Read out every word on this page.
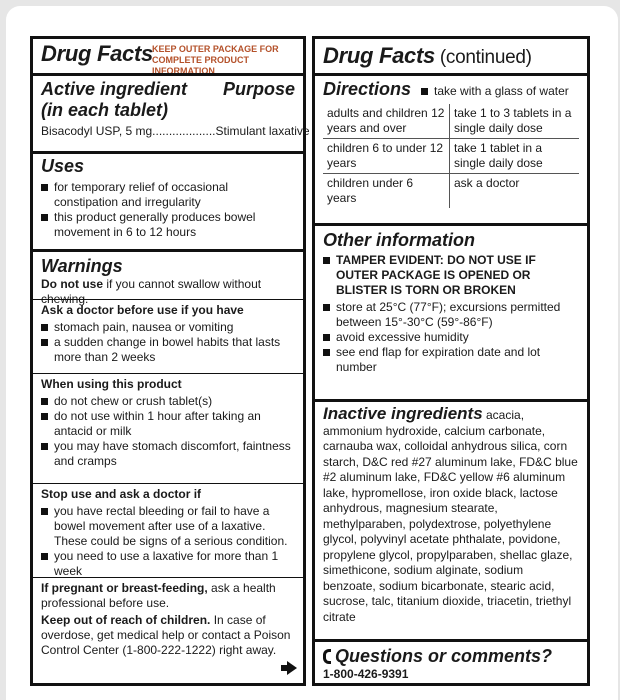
Drug Facts KEEP OUTER PACKAGE FOR COMPLETE PRODUCT INFORMATION
Active ingredient
(in each tablet)
Purpose
Bisacodyl USP, 5 mg ................... Stimulant laxative
Uses

for temporary relief of occasional constipation and irregularity

this product generally produces bowel movement in 6 to 12 hours

Warnings
Do not use if you cannot swallow without chewing.
Ask a doctor before use if you have

stomach pain, nausea or vomiting

a sudden change in bowel habits that lasts more than 2 weeks

When using this product

do not chew or crush tablet(s)

do not use within 1 hour after taking an antacid or milk

you may have stomach discomfort, faintness and cramps

Stop use and ask a doctor if

you have rectal bleeding or fail to have a bowel movement after use of a laxative. These could be signs of a serious condition.

you need to use a laxative for more than 1 week

If pregnant or breast-feeding, ask a health professional before use.
Keep out of reach of children. In case of overdose, get medical help or contact a Poison Control Center (1-800-222-1222) right away.
Drug Facts (continued)
Directions	take with a glass of water
adults and children 12 years and over	take 1 to 3 tablets in a single daily dose
children 6 to under 12 years	take 1 tablet in a single daily dose
children under 6 years	ask a doctor
Other information

TAMPER EVIDENT: DO NOT USE IF OUTER PACKAGE IS OPENED OR BLISTER IS TORN OR BROKEN

store at 25°C (77°F); excursions permitted between 15°-30°C (59°-86°F)

avoid excessive humidity

see end flap for expiration date and lot number

Inactive ingredients acacia, ammonium hydroxide, calcium carbonate, carnauba wax, colloidal anhydrous silica, corn starch, D&C red #27 aluminum lake, FD&C blue #2 aluminum lake, FD&C yellow #6 aluminum lake, hypromellose, iron oxide black, lactose anhydrous, magnesium stearate, methylparaben, polydextrose, polyethylene glycol, polyvinyl acetate phthalate, povidone, propylene glycol, propylparaben, shellac glaze, simethicone, sodium alginate, sodium benzoate, sodium bicarbonate, stearic acid, sucrose, talc, titanium dioxide, triacetin, triethyl citrate
Questions or comments?
1-800-426-9391
